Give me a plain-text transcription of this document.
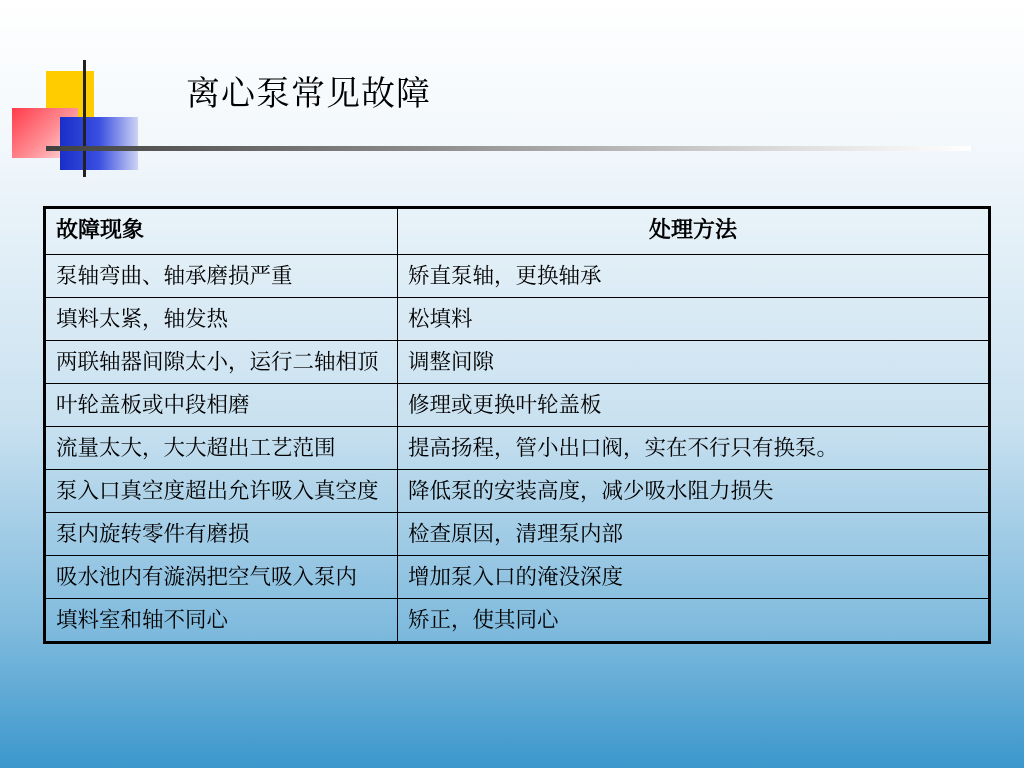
离心泵常见故障
故障现象	处理方法
泵轴弯曲、轴承磨损严重	矫直泵轴，更换轴承
填料太紧，轴发热	松填料
两联轴器间隙太小，运行二轴相顶	调整间隙
叶轮盖板或中段相磨	修理或更换叶轮盖板
流量太大，大大超出工艺范围	提高扬程，管小出口阀，实在不行只有换泵。
泵入口真空度超出允许吸入真空度	降低泵的安装高度，减少吸水阻力损失
泵内旋转零件有磨损	检查原因，清理泵内部
吸水池内有漩涡把空气吸入泵内	增加泵入口的淹没深度
填料室和轴不同心	矫正，使其同心
